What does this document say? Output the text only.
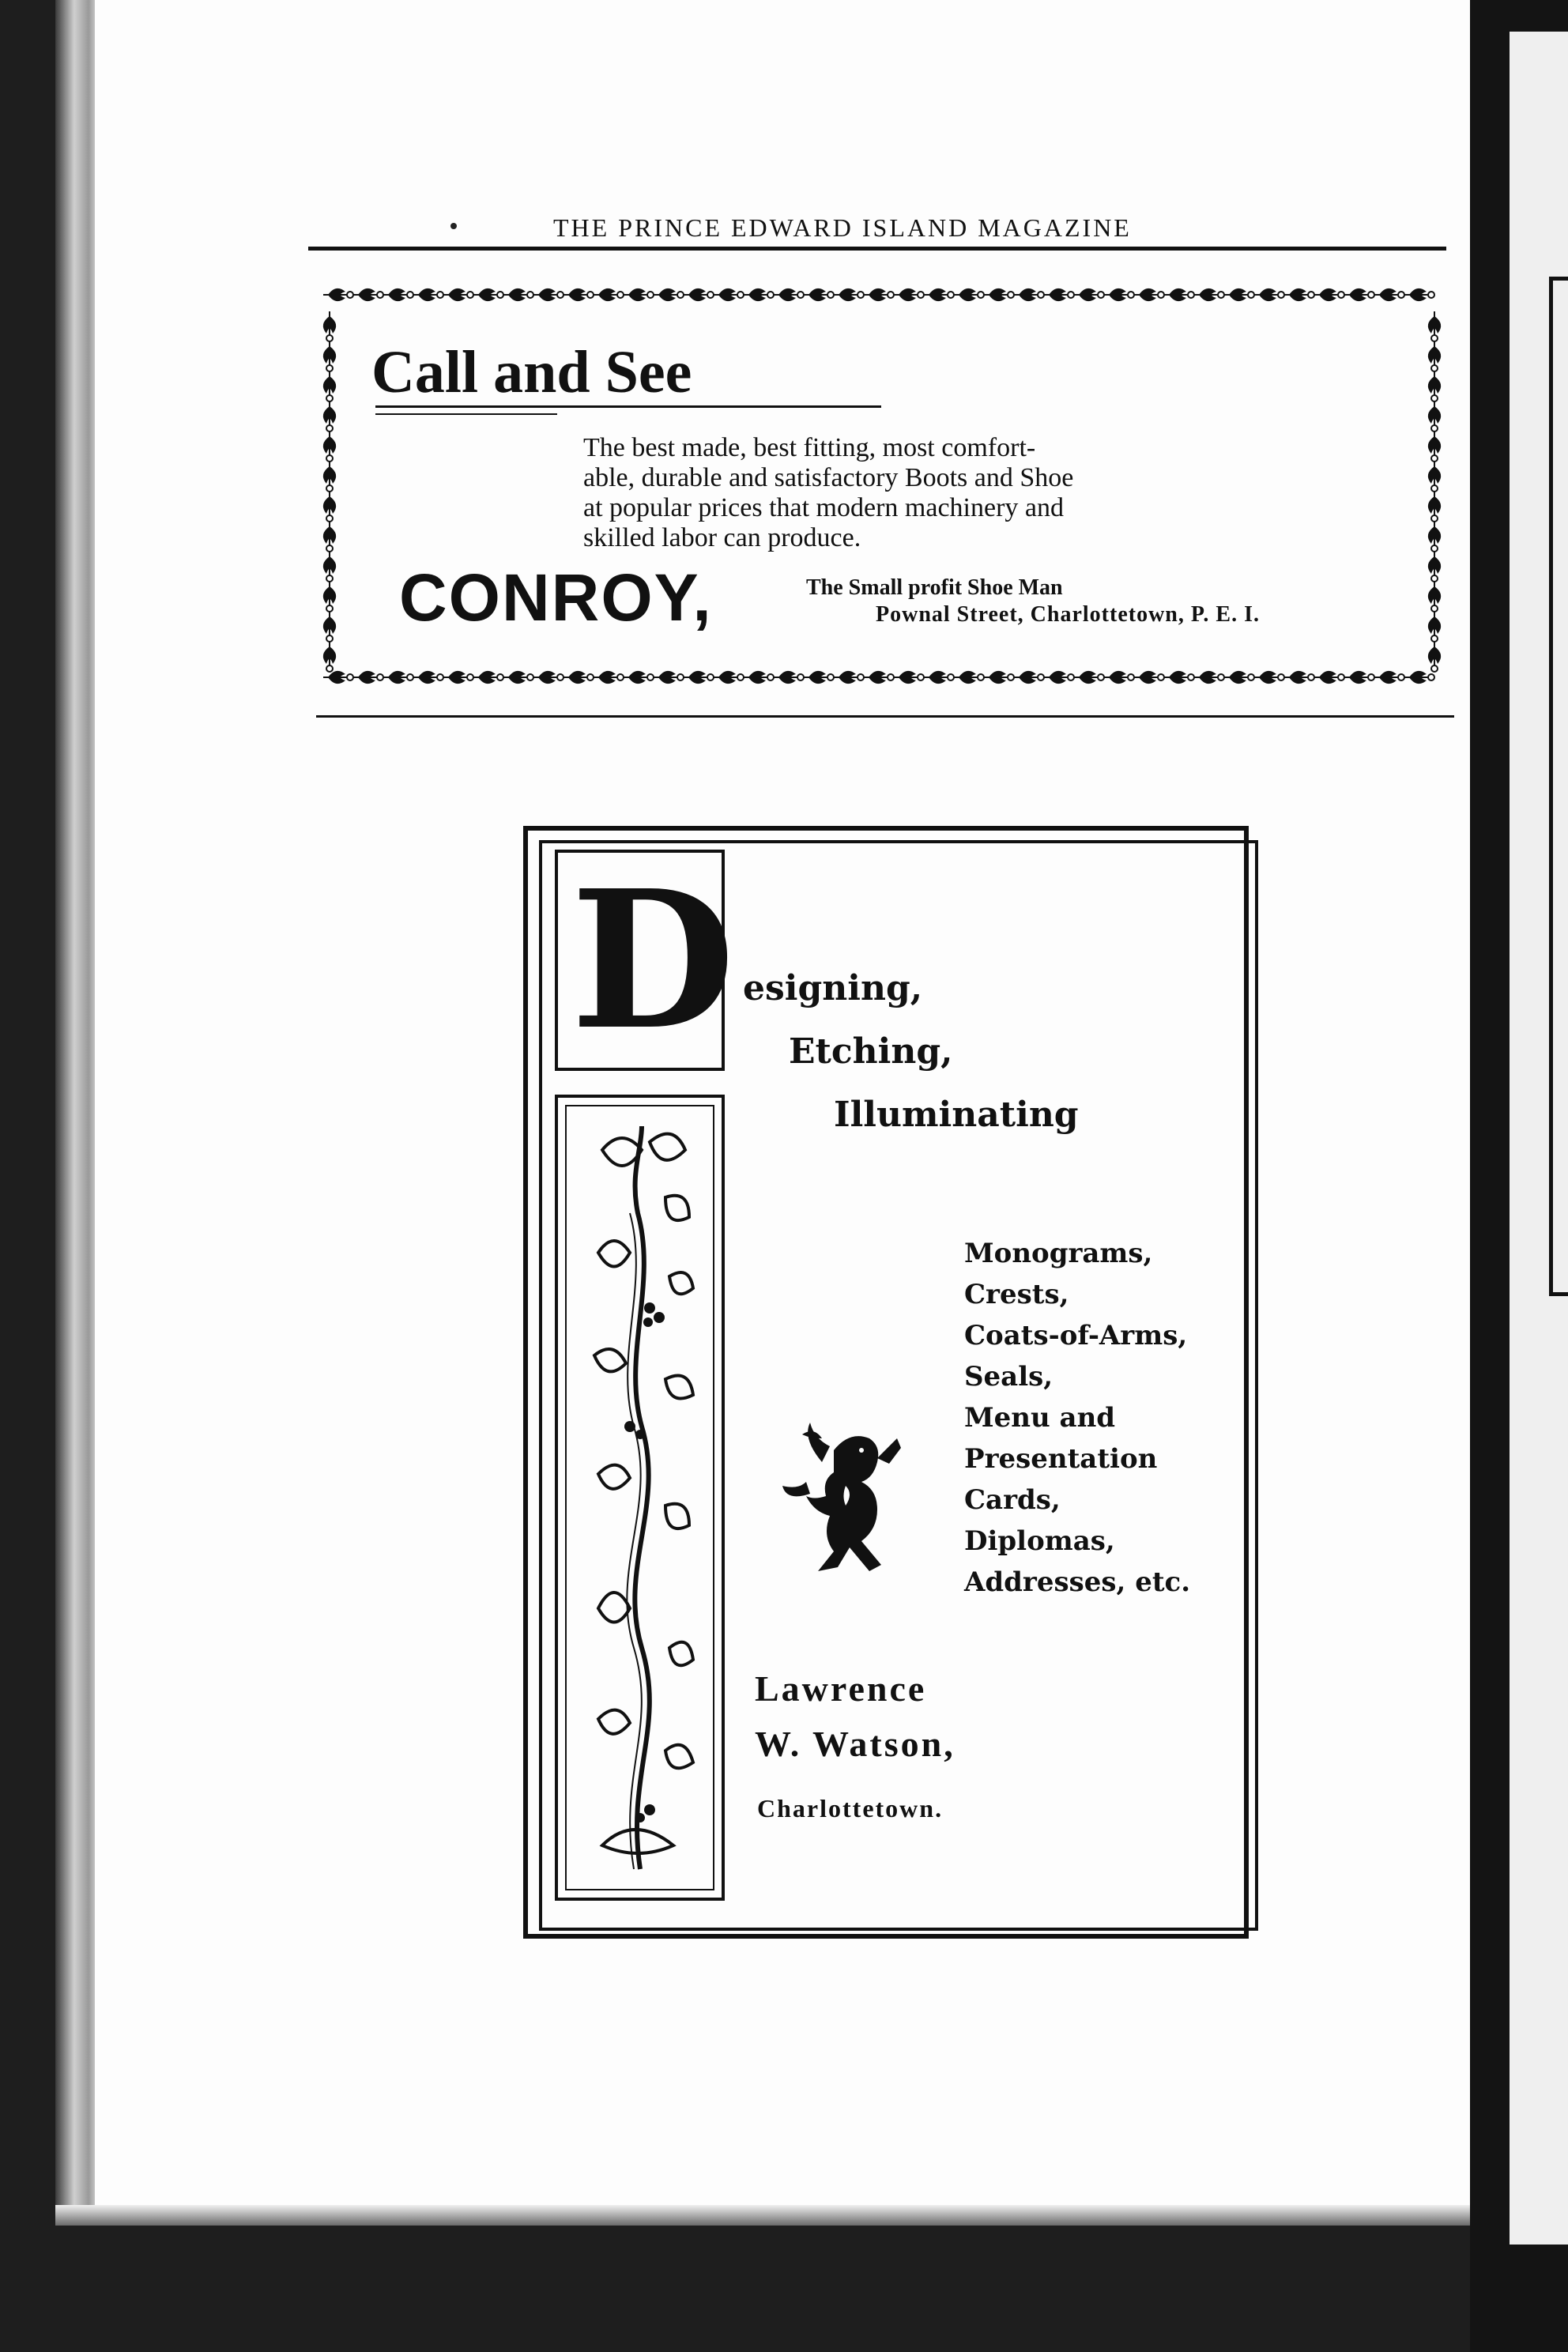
THE PRINCE EDWARD ISLAND MAGAZINE
Call and See
The best made, best fitting, most comfort-
able, durable and satisfactory Boots and Shoe
at popular prices that modern machinery and
skilled labor can produce.
CONROY,	The Small profit Shoe Man
Pownal Street, Charlottetown, P. E. I.
D esigning,
Etching,
Illuminating
Monograms,
Crests,
Coats-of-Arms,
Seals,
Menu and
Presentation
Cards,
Diplomas,
Addresses, etc.
Lawrence
W. Watson,
Charlottetown.
